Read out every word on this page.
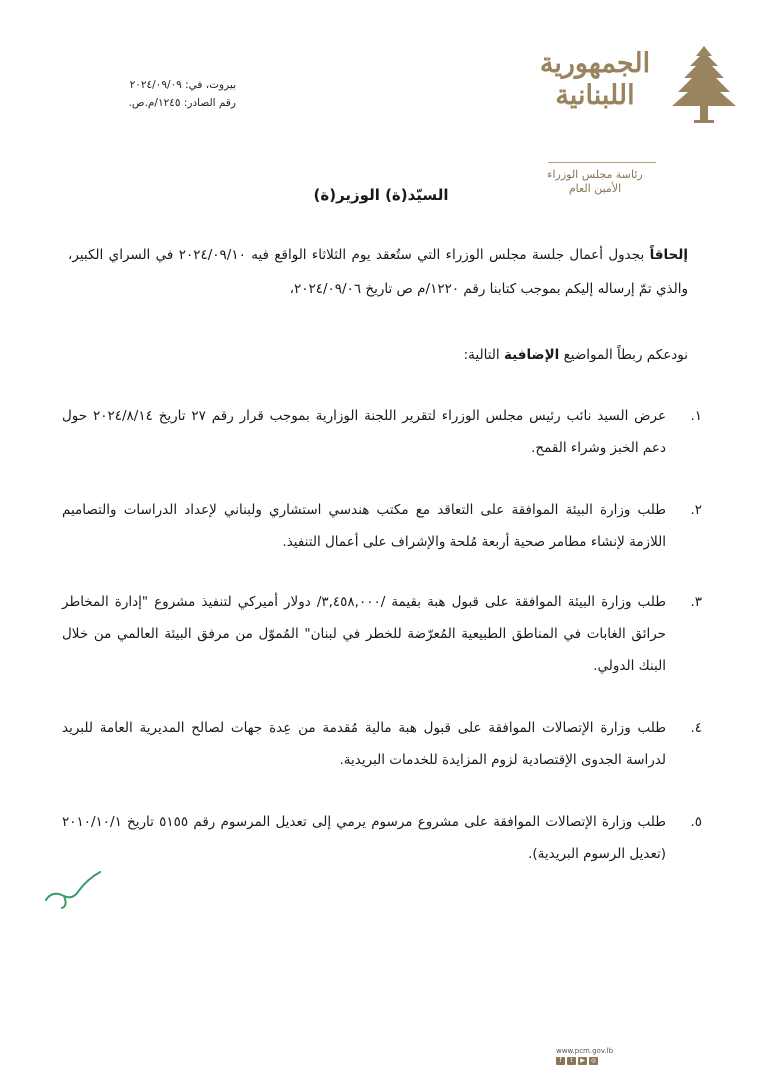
الجمهورية
اللبنانية
رئاسة مجلس الوزراء
الأمين العام
بيروت، في: ٢٠٢٤/٠٩/٠٩
رقم الصادر: ١٢٤٥/م.ص.
السيّد(ة) الوزير(ة)
إلحاقاً بجدول أعمال جلسة مجلس الوزراء التي ستُعقد يوم الثلاثاء الواقع فيه ٢٠٢٤/٠٩/١٠ في السراي الكبير، والذي تمّ إرساله إليكم بموجب كتابنا رقم ١٢٢٠/م ص تاريخ ٢٠٢٤/٠٩/٠٦،
نودعكم ربطاً المواضيع الإضافية التالية:
١.
عرض السيد نائب رئيس مجلس الوزراء لتقرير اللجنة الوزارية بموجب قرار رقم ٢٧ تاريخ ٢٠٢٤/٨/١٤ حول دعم الخبز وشراء القمح.
٢.
طلب وزارة البيئة الموافقة على التعاقد مع مكتب هندسي استشاري ولبناني لإعداد الدراسات والتصاميم اللازمة لإنشاء مطامر صحية أربعة مُلحة والإشراف على أعمال التنفيذ.
٣.
طلب وزارة البيئة الموافقة على قبول هبة بقيمة /٣,٤٥٨,٠٠٠/ دولار أميركي لتنفيذ مشروع "إدارة المخاطر حرائق الغابات في المناطق الطبيعية المُعرّضة للخطر في لبنان" المُموّل من مرفق البيئة العالمي من خلال البنك الدولي.
٤.
طلب وزارة الإتصالات الموافقة على قبول هبة مالية مُقدمة من عِدة جهات لصالح المديرية العامة للبريد لدراسة الجدوى الإقتصادية لزوم المزايدة للخدمات البريدية.
٥.
طلب وزارة الإتصالات الموافقة على مشروع مرسوم يرمي إلى تعديل المرسوم رقم ٥١٥٥ تاريخ ٢٠١٠/١٠/١ (تعديل الرسوم البريدية).
www.pcm.gov.lb
f	t	▶	◎
